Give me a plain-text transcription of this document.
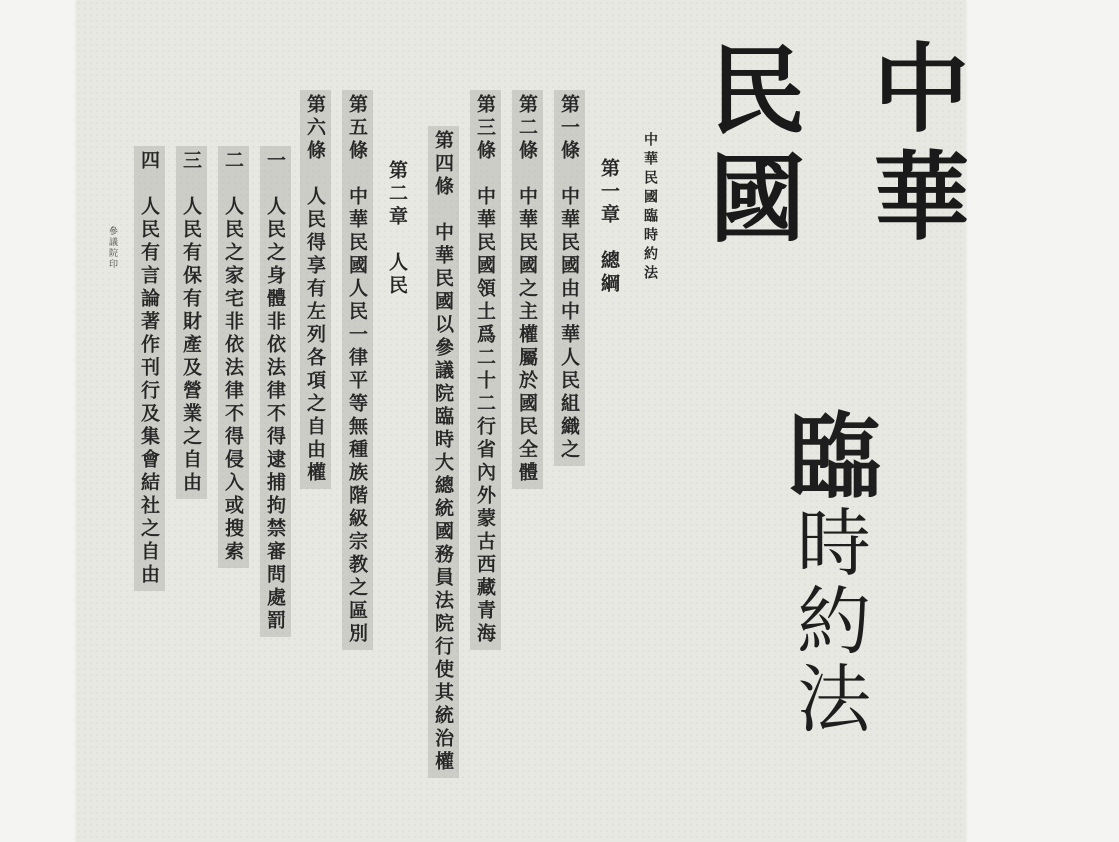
中華
民國
臨時約法
中華民國臨時約法
第一章　總綱
第一條　中華民國由中華人民組織之
第二條　中華民國之主權屬於國民全體
第三條　中華民國領土爲二十二行省內外蒙古西藏青海
第四條　中華民國以參議院臨時大總統國務員法院行使其統治權
第二章　人民
第五條　中華民國人民一律平等無種族階級宗教之區別
第六條　人民得享有左列各項之自由權
一　人民之身體非依法律不得逮捕拘禁審問處罰
二　人民之家宅非依法律不得侵入或搜索
三　人民有保有財產及營業之自由
四　人民有言論著作刊行及集會結社之自由
參議院印
